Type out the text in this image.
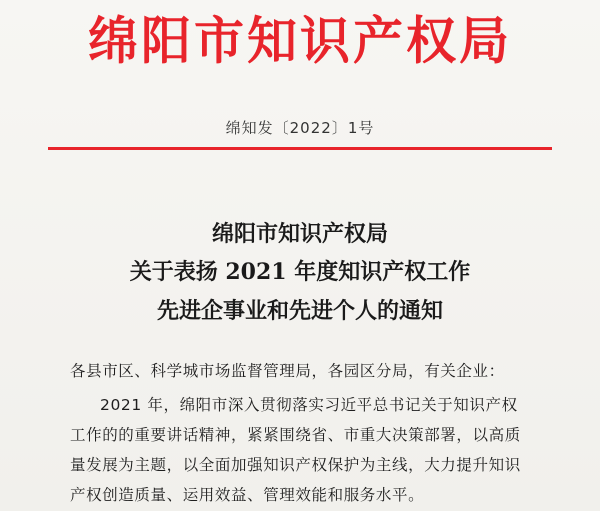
绵阳市知识产权局
绵知发〔2022〕1号
绵阳市知识产权局
关于表扬 2021 年度知识产权工作
先进企事业和先进个人的通知
各县市区、科学城市场监督管理局，各园区分局，有关企业：
2021 年，绵阳市深入贯彻落实习近平总书记关于知识产权
工作的的重要讲话精神，紧紧围绕省、市重大决策部署，以高质
量发展为主题，以全面加强知识产权保护为主线，大力提升知识
产权创造质量、运用效益、管理效能和服务水平。
